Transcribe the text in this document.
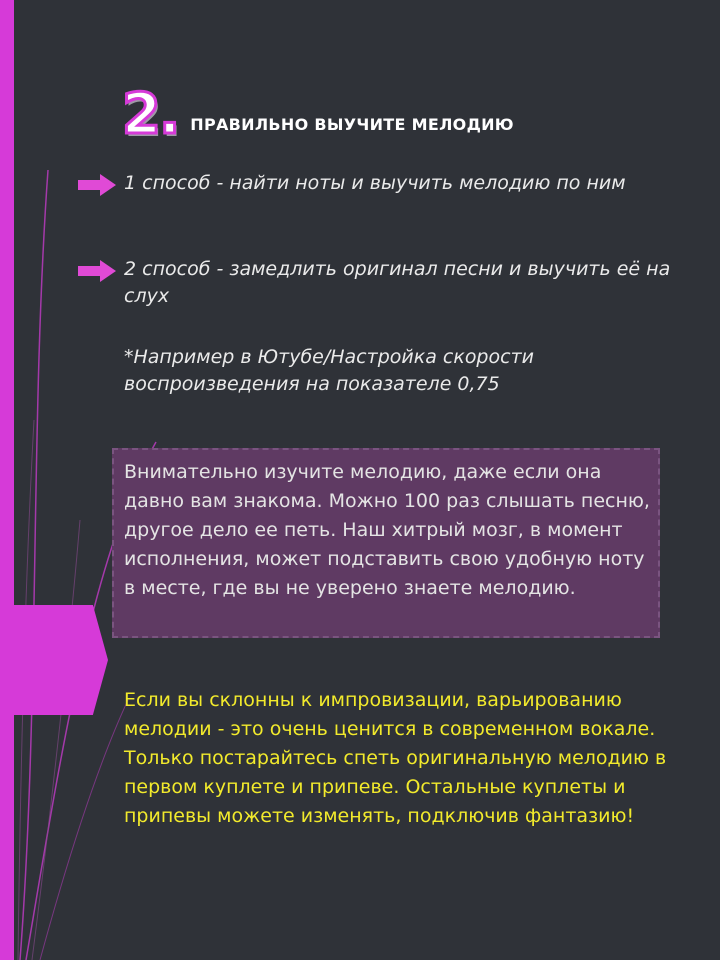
2. ПРАВИЛЬНО ВЫУЧИТЕ МЕЛОДИЮ
1 способ - найти ноты и выучить мелодию по ним
2 способ - замедлить оригинал песни и выучить её на слух
*Например в Ютубе/Настройка скорости воспроизведения на показателе 0,75
Внимательно изучите мелодию, даже если она давно вам знакома. Можно 100 раз слышать песню, другое дело ее петь. Наш хитрый мозг, в момент исполнения, может подставить свою удобную ноту в месте, где вы не уверено знаете мелодию.
Если вы склонны к импровизации, варьированию мелодии - это очень ценится в современном вокале. Только постарайтесь спеть оригинальную мелодию в первом куплете и припеве. Остальные куплеты и припевы можете изменять, подключив фантазию!
